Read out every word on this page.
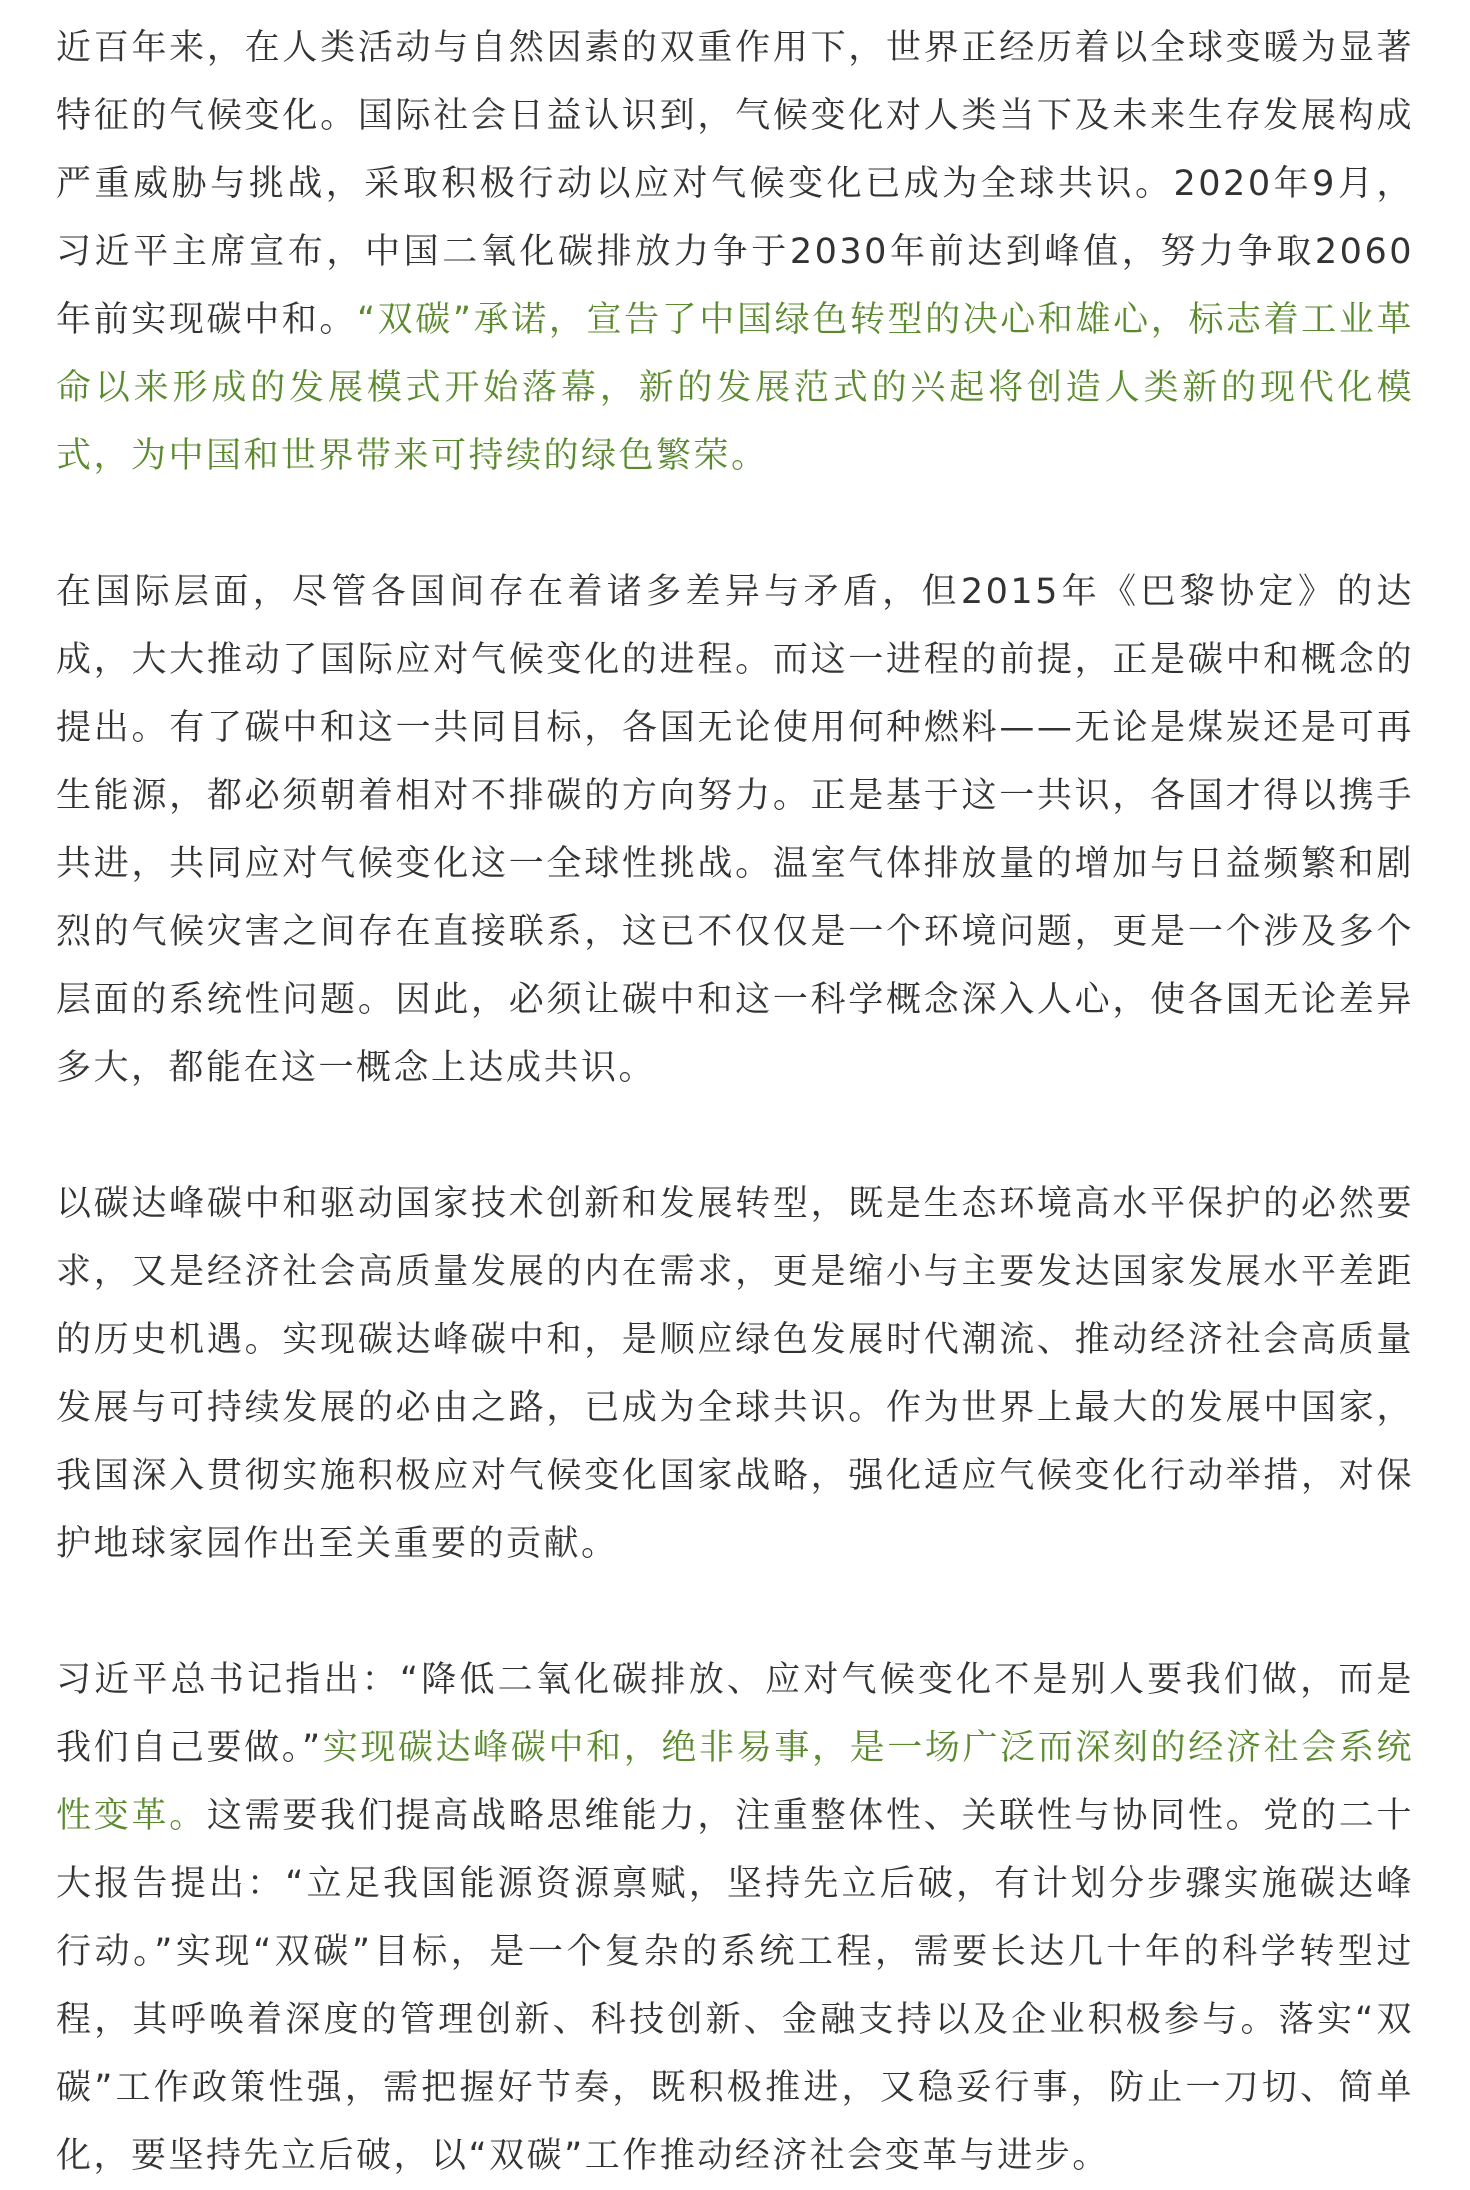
近百年来，在人类活动与自然因素的双重作用下，世界正经历着以全球变暖为显著特征的气候变化。国际社会日益认识到，气候变化对人类当下及未来生存发展构成严重威胁与挑战，采取积极行动以应对气候变化已成为全球共识。2020年9月，习近平主席宣布，中国二氧化碳排放力争于2030年前达到峰值，努力争取2060年前实现碳中和。“双碳”承诺，宣告了中国绿色转型的决心和雄心，标志着工业革命以来形成的发展模式开始落幕，新的发展范式的兴起将创造人类新的现代化模式，为中国和世界带来可持续的绿色繁荣。

在国际层面，尽管各国间存在着诸多差异与矛盾，但2015年《巴黎协定》的达成，大大推动了国际应对气候变化的进程。而这一进程的前提，正是碳中和概念的提出。有了碳中和这一共同目标，各国无论使用何种燃料——无论是煤炭还是可再生能源，都必须朝着相对不排碳的方向努力。正是基于这一共识，各国才得以携手共进，共同应对气候变化这一全球性挑战。温室气体排放量的增加与日益频繁和剧烈的气候灾害之间存在直接联系，这已不仅仅是一个环境问题，更是一个涉及多个层面的系统性问题。因此，必须让碳中和这一科学概念深入人心，使各国无论差异多大，都能在这一概念上达成共识。

以碳达峰碳中和驱动国家技术创新和发展转型，既是生态环境高水平保护的必然要求，又是经济社会高质量发展的内在需求，更是缩小与主要发达国家发展水平差距的历史机遇。实现碳达峰碳中和，是顺应绿色发展时代潮流、推动经济社会高质量发展与可持续发展的必由之路，已成为全球共识。作为世界上最大的发展中国家，我国深入贯彻实施积极应对气候变化国家战略，强化适应气候变化行动举措，对保护地球家园作出至关重要的贡献。

习近平总书记指出：“降低二氧化碳排放、应对气候变化不是别人要我们做，而是我们自己要做。”实现碳达峰碳中和，绝非易事，是一场广泛而深刻的经济社会系统性变革。这需要我们提高战略思维能力，注重整体性、关联性与协同性。党的二十大报告提出：“立足我国能源资源禀赋，坚持先立后破，有计划分步骤实施碳达峰行动。”实现“双碳”目标，是一个复杂的系统工程，需要长达几十年的科学转型过程，其呼唤着深度的管理创新、科技创新、金融支持以及企业积极参与。落实“双碳”工作政策性强，需把握好节奏，既积极推进，又稳妥行事，防止一刀切、简单化，要坚持先立后破，以“双碳”工作推动经济社会变革与进步。
